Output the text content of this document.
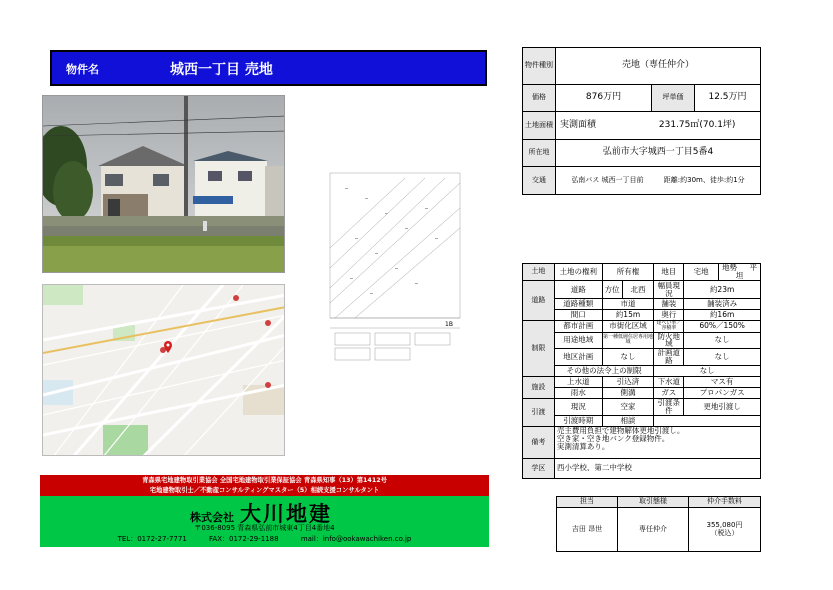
物件名	城西一丁目 売地
1B
物件種別	売地（専任仲介）		
価格	876万円	坪単価	12.5万円
土地面積	実測面積 231.75㎡(70.1坪)		
所在地	弘前市大字城西一丁目5番4		
交通	弘南バス 城西一丁目前 距離:約30m、徒歩:約1分		
土地	土地の権利	所有権		地目	宅地	地勢 平坦
道路	道路	方位	北西	幅員現況	約23m	
	道路種類	市道		舗装	舗装済み	
	間口	約15m		奥行	約16m	
制限	都市計画	市街化区域		建ぺい率／容積率	60%／150%	
	用途地域	第一種低層住居専用地域		防火地域	なし	
	地区計画	なし		計画道路	なし	
	その他の法令上の制限			なし		
施設	上水道	引込済		下水道	マス有	
	雨水	側溝		ガス	プロパンガス	
引渡	現況	空家		引渡条件	更地引渡し	
	引渡時期	相談				
備考	売主費用負担で建物解体更地引渡し。
空き家・空き地バンク登録物件。
実測清算あり。					

学区	西小学校、第二中学校					
担当	取引態様	仲介手数料
吉田 昂世	専任仲介	355,080円
（税込）
青森県宅地建物取引業協会 全国宅地建物取引業保証協会 青森県知事（13）第1412号
宅地建物取引士／不動産コンサルティングマスター（5）相続支援コンサルタント
株式会社 大川地建
〒036-8095 青森県弘前市城東4丁目4番地4
TEL：0172-27-7771	FAX：0172-29-1188	mail：info@ookawachiken.co.jp
